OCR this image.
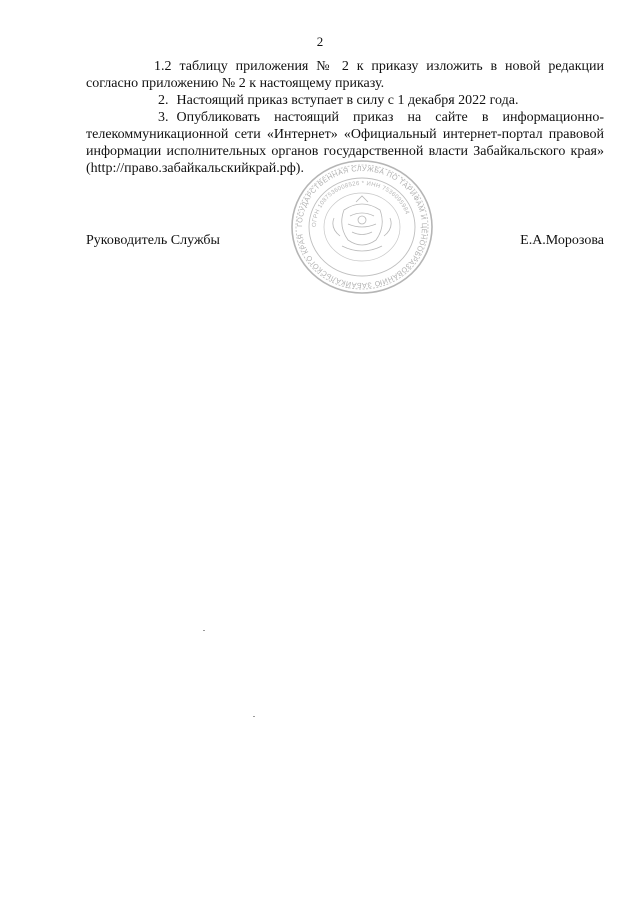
2

1.2 таблицу приложения № 2 к приказу изложить в новой редакции согласно приложению № 2 к настоящему приказу.

2. Настоящий приказ вступает в силу с 1 декабря 2022 года.

3. Опубликовать настоящий приказ на сайте в информационно-телекоммуникационной сети «Интернет» «Официальный интернет-портал правовой информации исполнительных органов государственной власти Забайкальского края» (http://право.забайкальскийкрай.рф).

Руководитель Службы	Е.А.Морозова
ГОСУДАРСТВЕННАЯ СЛУЖБА ПО ТАРИФАМ И ЦЕНООБРАЗОВАНИЮ ЗАБАЙКАЛЬСКОГО КРАЯ
ОГРН 1087536008526 * ИНН 7536095984
